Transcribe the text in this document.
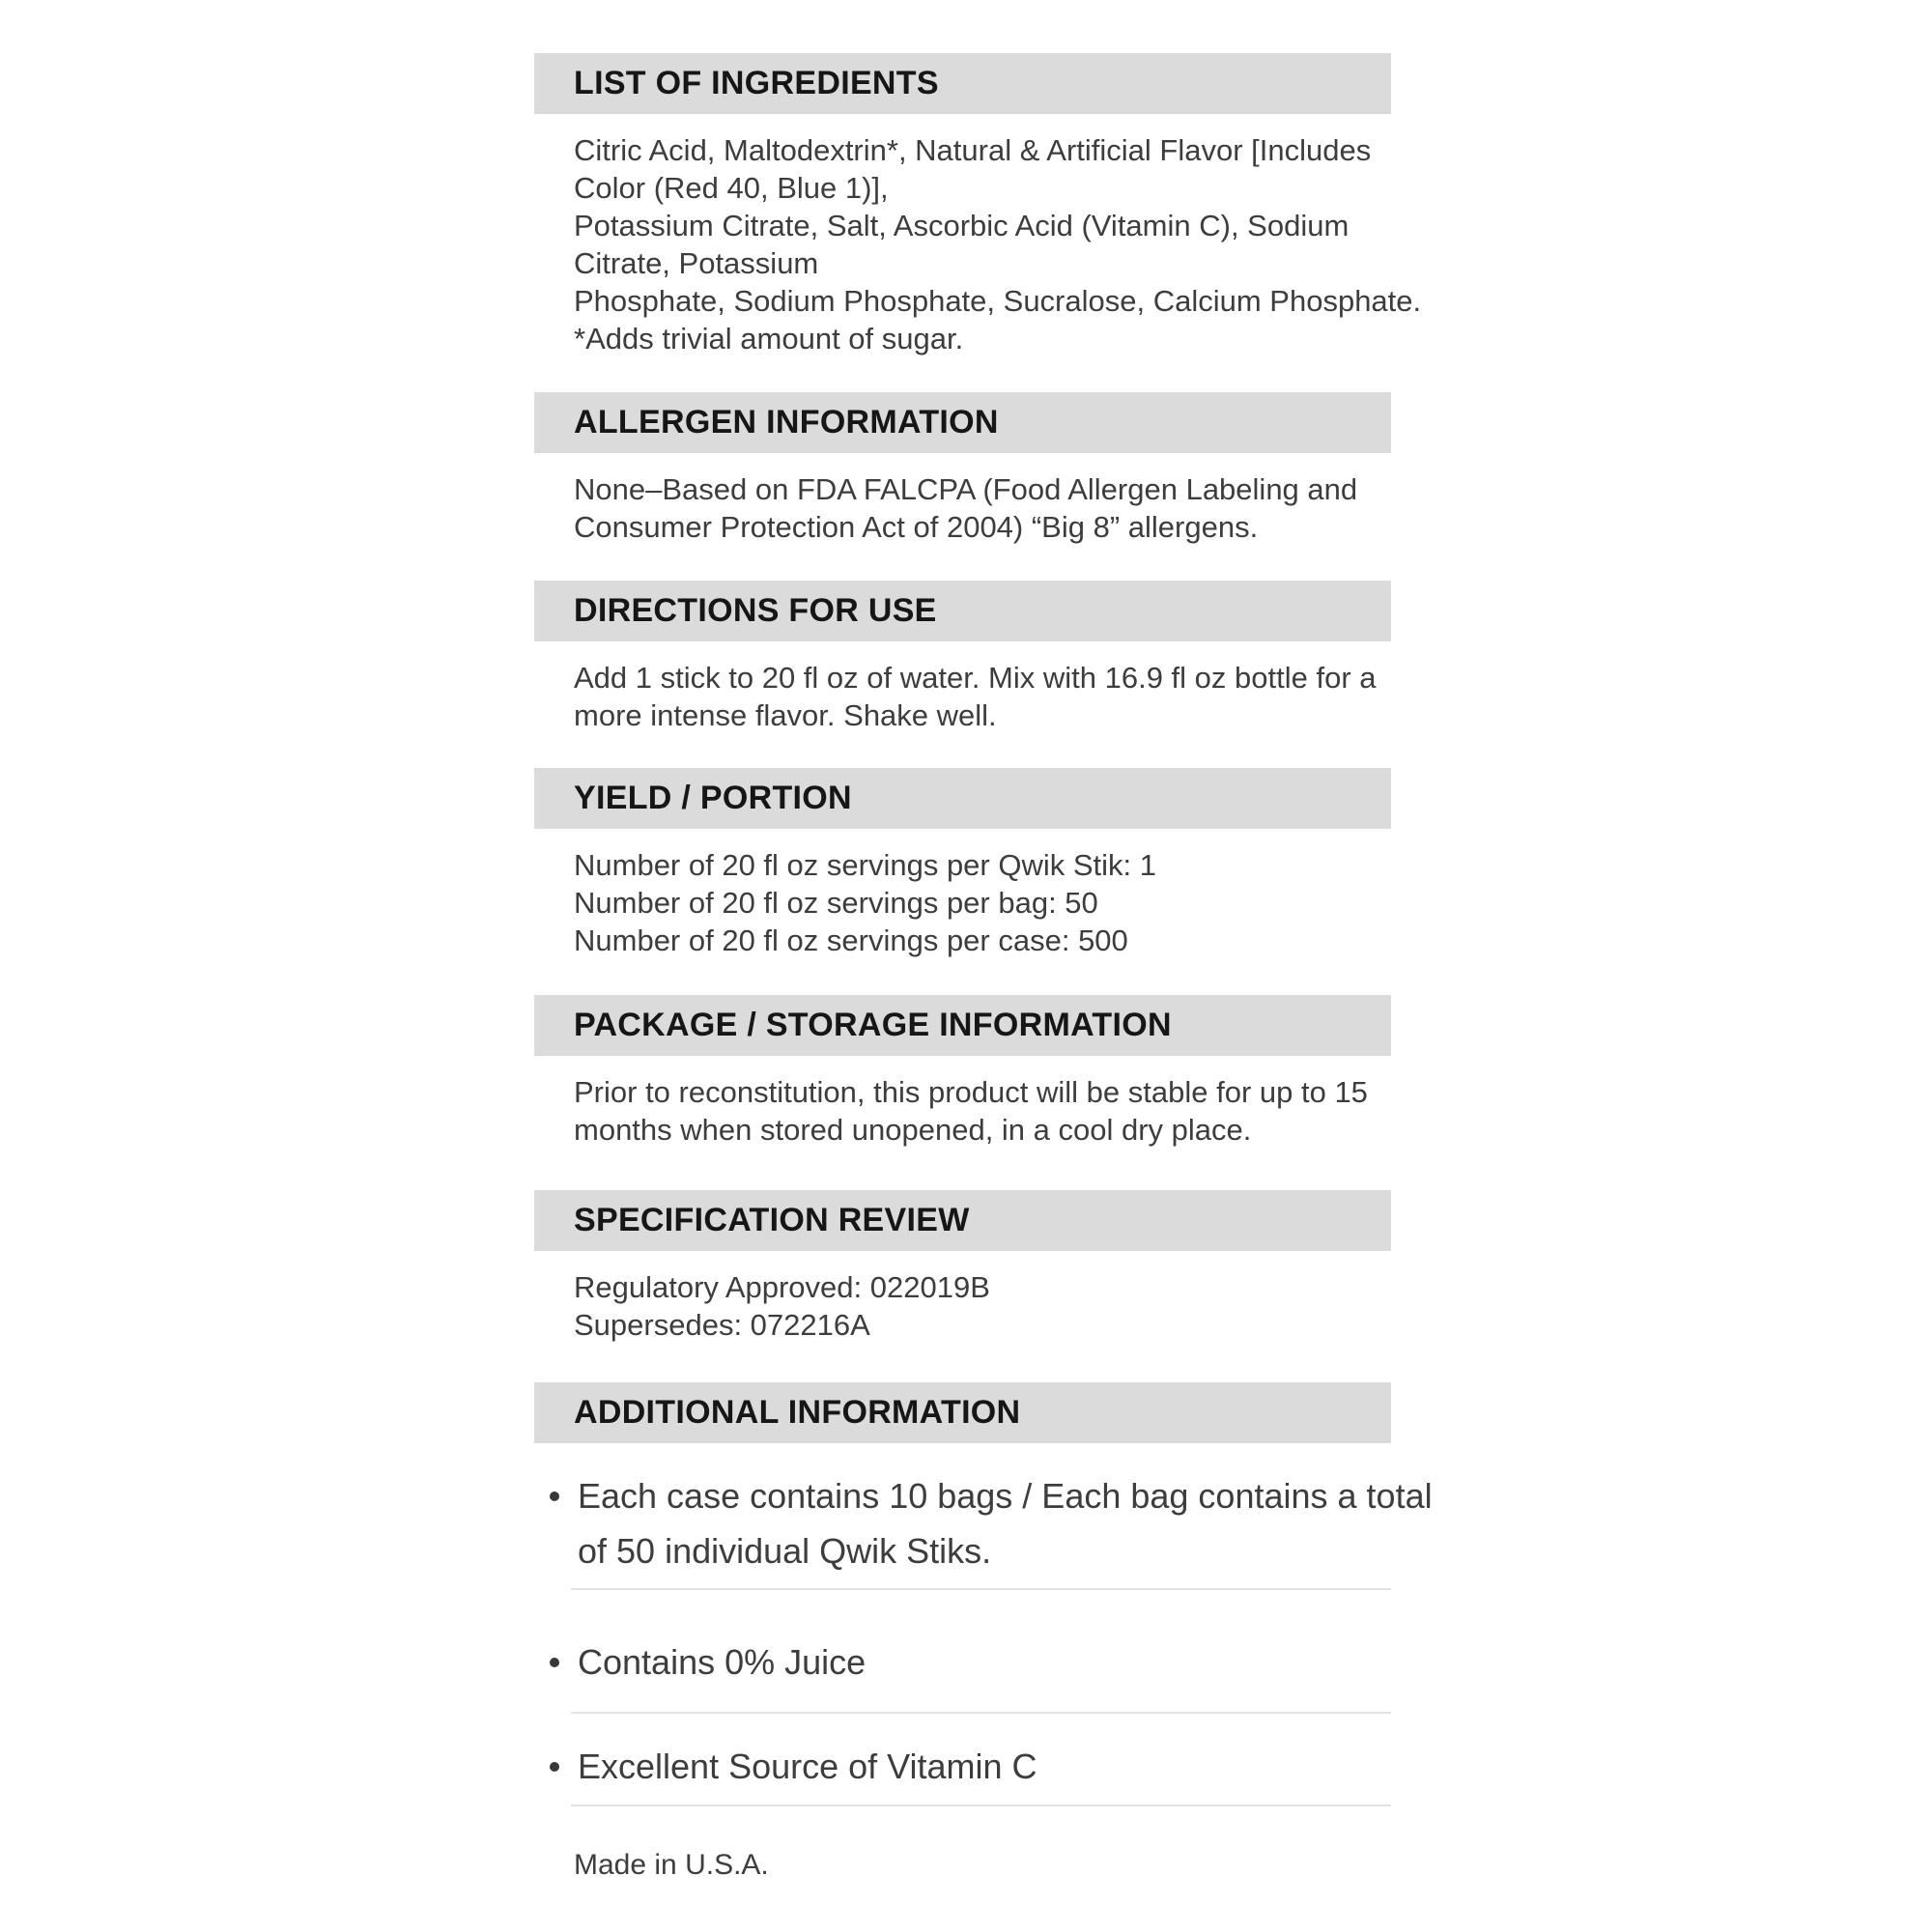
LIST OF INGREDIENTS
Citric Acid, Maltodextrin*, Natural & Artificial Flavor [Includes
Color (Red 40, Blue 1)],
Potassium Citrate, Salt, Ascorbic Acid (Vitamin C), Sodium
Citrate, Potassium
Phosphate, Sodium Phosphate, Sucralose, Calcium Phosphate.
*Adds trivial amount of sugar.
ALLERGEN INFORMATION
None–Based on FDA FALCPA (Food Allergen Labeling and
Consumer Protection Act of 2004) “Big 8” allergens.
DIRECTIONS FOR USE
Add 1 stick to 20 fl oz of water. Mix with 16.9 fl oz bottle for a
more intense flavor. Shake well.
YIELD / PORTION
Number of 20 fl oz servings per Qwik Stik: 1
Number of 20 fl oz servings per bag: 50
Number of 20 fl oz servings per case: 500
PACKAGE / STORAGE INFORMATION
Prior to reconstitution, this product will be stable for up to 15
months when stored unopened, in a cool dry place.
SPECIFICATION REVIEW
Regulatory Approved: 022019B
Supersedes: 072216A
ADDITIONAL INFORMATION
Each case contains 10 bags / Each bag contains a total
of 50 individual Qwik Stiks.
Contains 0% Juice
Excellent Source of Vitamin C
Made in U.S.A.
